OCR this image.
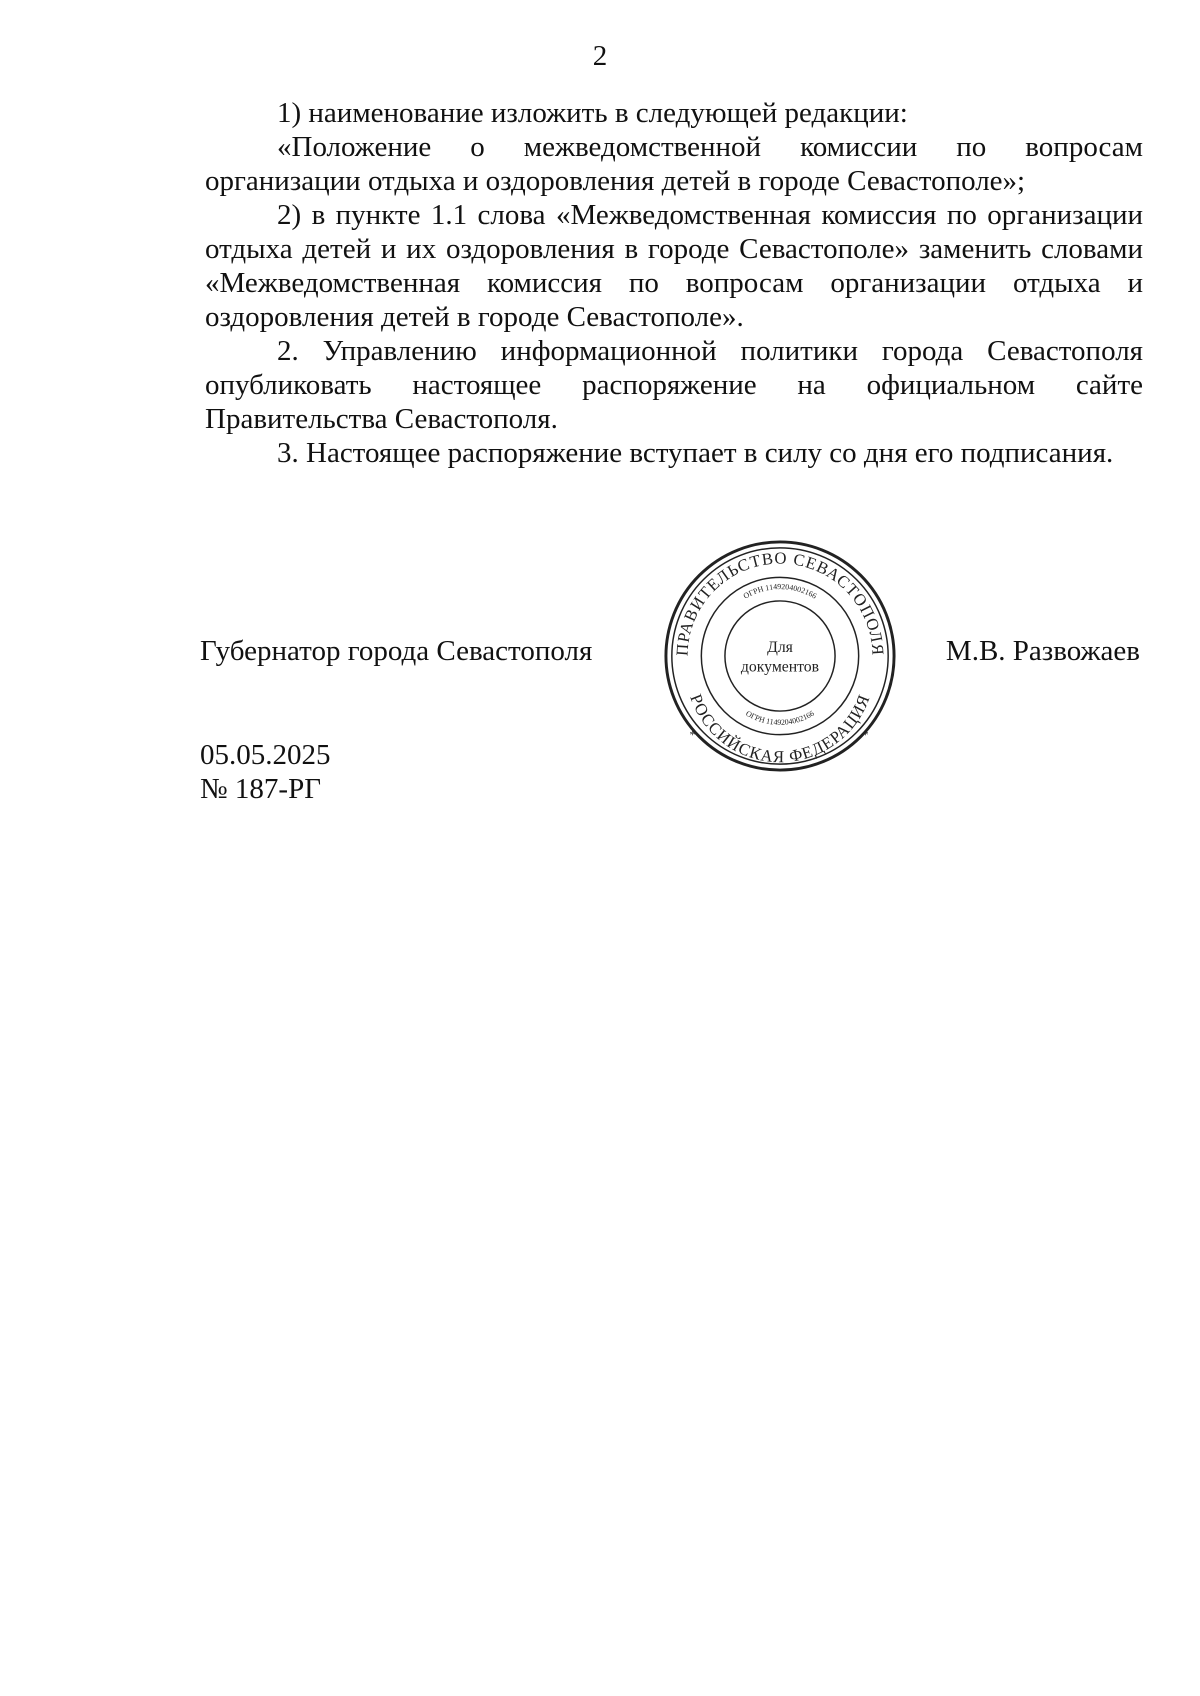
2

1) наименование изложить в следующей редакции:

«Положение о межведомственной комиссии по вопросам организации отдыха и оздоровления детей в городе Севастополе»;

2) в пункте 1.1 слова «Межведомственная комиссия по организации отдыха детей и их оздоровления в городе Севастополе» заменить словами «Межведомственная комиссия по вопросам организации отдыха и оздоровления детей в городе Севастополе».

2. Управлению информационной политики города Севастополя опубликовать настоящее распоряжение на официальном сайте Правительства Севастополя.

3. Настоящее распоряжение вступает в силу со дня его подписания.

Губернатор города Севастополя	М.В. Развожаев
ПРАВИТЕЛЬСТВО СЕВАСТОПОЛЯ
РОССИЙСКАЯ ФЕДЕРАЦИЯ
ОГРН 1149204002166
ОГРН 1149204002166
Для
документов
*	*
05.05.2025
№ 187-РГ
